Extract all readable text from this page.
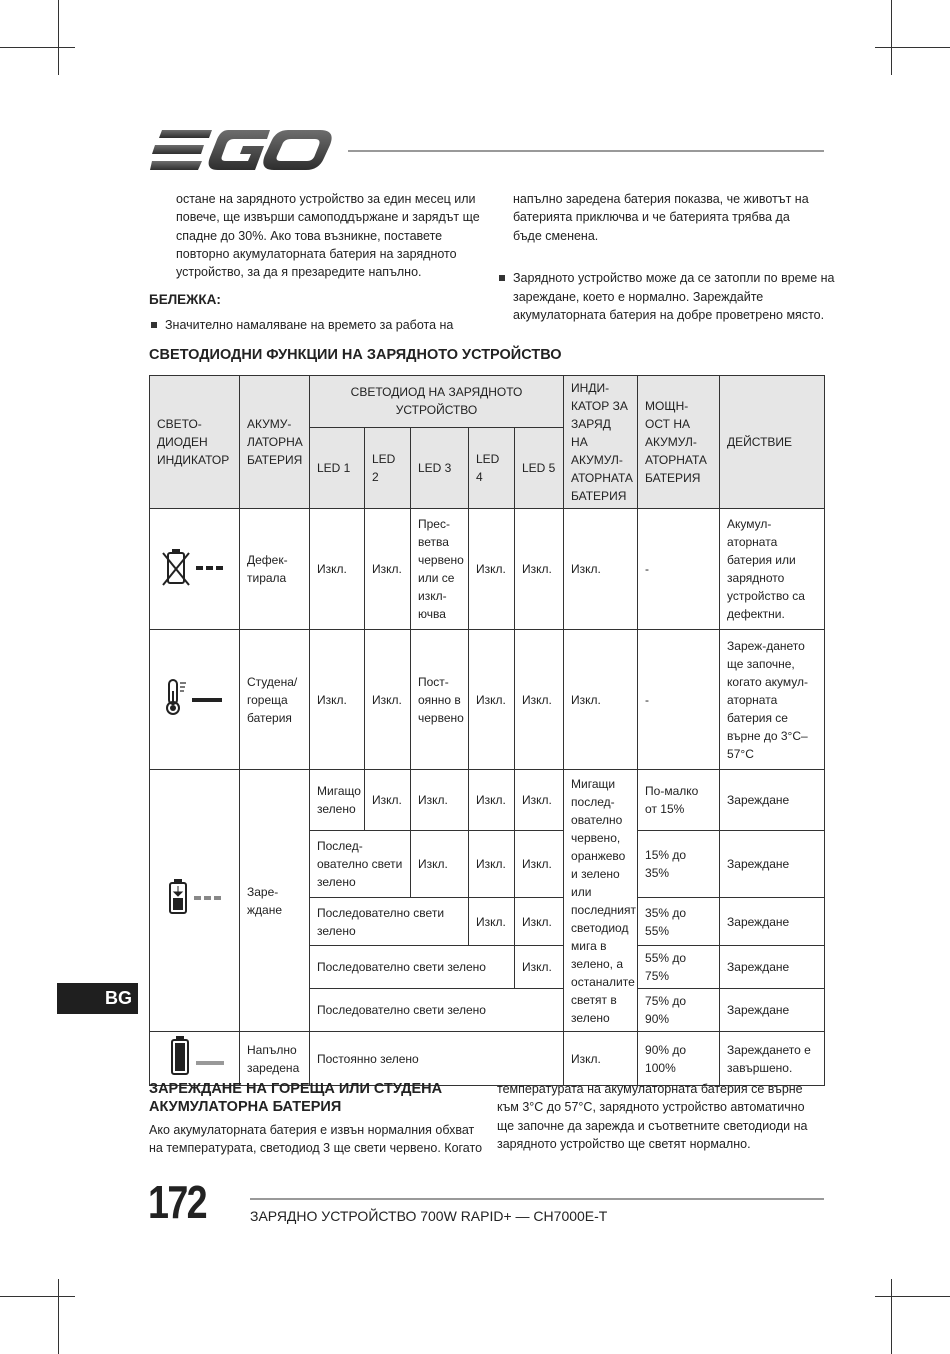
остане на зарядното устройство за един месец или повече, ще извърши самоподдържане и зарядът ще спадне до 30%. Ако това възникне, поставете повторно акумулаторната батерия на зарядното устройство, за да я презаредите напълно.
БЕЛЕЖКА:
Значително намаляване на времето за работа на
напълно заредена батерия показва, че животът на батерията приключва и че батерията трябва да бъде сменена.
Зарядното устройство може да се затопли по време на зареждане, което е нормално. Зареждайте акумулаторната батерия на добре проветрено място.
СВЕТОДИОДНИ ФУНКЦИИ НА ЗАРЯДНОТО УСТРОЙСТВО
СВЕТО-ДИОДЕН ИНДИКАТОР	АКУМУ-ЛАТОРНА БАТЕРИЯ	СВЕТОДИОД НА ЗАРЯДНОТО УСТРОЙСТВО					ИНДИ-КАТОР ЗА ЗАРЯД НА АКУМУЛ-АТОРНАТА БАТЕРИЯ	МОЩН-ОСТ НА АКУМУЛ-АТОРНАТА БАТЕРИЯ	ДЕЙСТВИЕ
		LED 1	LED 2	LED 3	LED 4	LED 5			
	Дефек-тирала	Изкл.	Изкл.	Прес-ветва червено или се изкл-ючва	Изкл.	Изкл.	Изкл.	-	Акумул-аторната батерия или зарядното устройство са дефектни.
	Студена/ гореща батерия	Изкл.	Изкл.	Пост-оянно в червено	Изкл.	Изкл.	Изкл.	-	Зареж-дането ще започне, когато акумул-аторната батерия се върне до 3°C–57°C
	Заре-ждане	Мигащо зелено	Изкл.	Изкл.	Изкл.	Изкл.	Мигащи послед-ователно червено, оранжево и зелено или последният светодиод мига в зелено, а останалите светят в зелено	По-малко от 15%	Зареждане
		Послед-ователно свети зелено		Изкл.	Изкл.	Изкл.		15% до 35%	Зареждане
		Последователно свети зелено			Изкл.	Изкл.		35% до 55%	Зареждане
		Последователно свети зелено				Изкл.		55% до 75%	Зареждане
		Последователно свети зелено						75% до 90%	Зареждане
	Напълно заредена	Постоянно зелено					Изкл.	90% до 100%	Зареждането е завършено.
BG
ЗАРЕЖДАНЕ НА ГОРЕЩА ИЛИ СТУДЕНА АКУМУЛАТОРНА БАТЕРИЯ
Ако акумулаторната батерия е извън нормалния обхват на температурата, светодиод 3 ще свети червено. Когато
температурата на акумулаторната батерия се върне към 3°C до 57°C, зарядното устройство автоматично ще започне да зарежда и съответните светодиоди на зарядното устройство ще светят нормално.
172	ЗАРЯДНО УСТРОЙСТВО 700W RAPID+ — CH7000E-T
